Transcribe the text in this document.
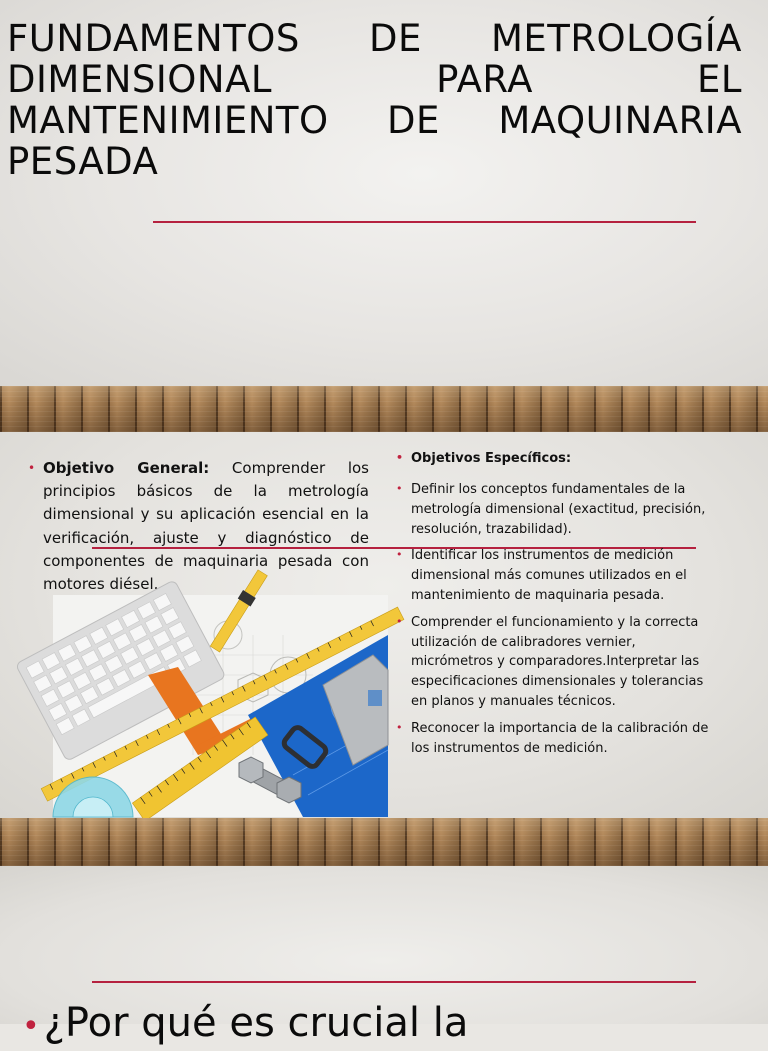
FUNDAMENTOS DE METROLOGÍA DIMENSIONAL PARA EL MANTENIMIENTO DE MAQUINARIA PESADA

• Objetivo General: Comprender los principios básicos de la metrología dimensional y su aplicación esencial en la verificación, ajuste y diagnóstico de componentes de maquinaria pesada con motores diésel.

• Objetivos Específicos:

• Definir los conceptos fundamentales de la metrología dimensional (exactitud, precisión, resolución, trazabilidad).

• Identificar los instrumentos de medición dimensional más comunes utilizados en el mantenimiento de maquinaria pesada.

• Comprender el funcionamiento y la correcta utilización de calibradores vernier, micrómetros y comparadores.Interpretar las especificaciones dimensionales y tolerancias en planos y manuales técnicos.

• Reconocer la importancia de la calibración de los instrumentos de medición.

• ¿Por qué es crucial la
